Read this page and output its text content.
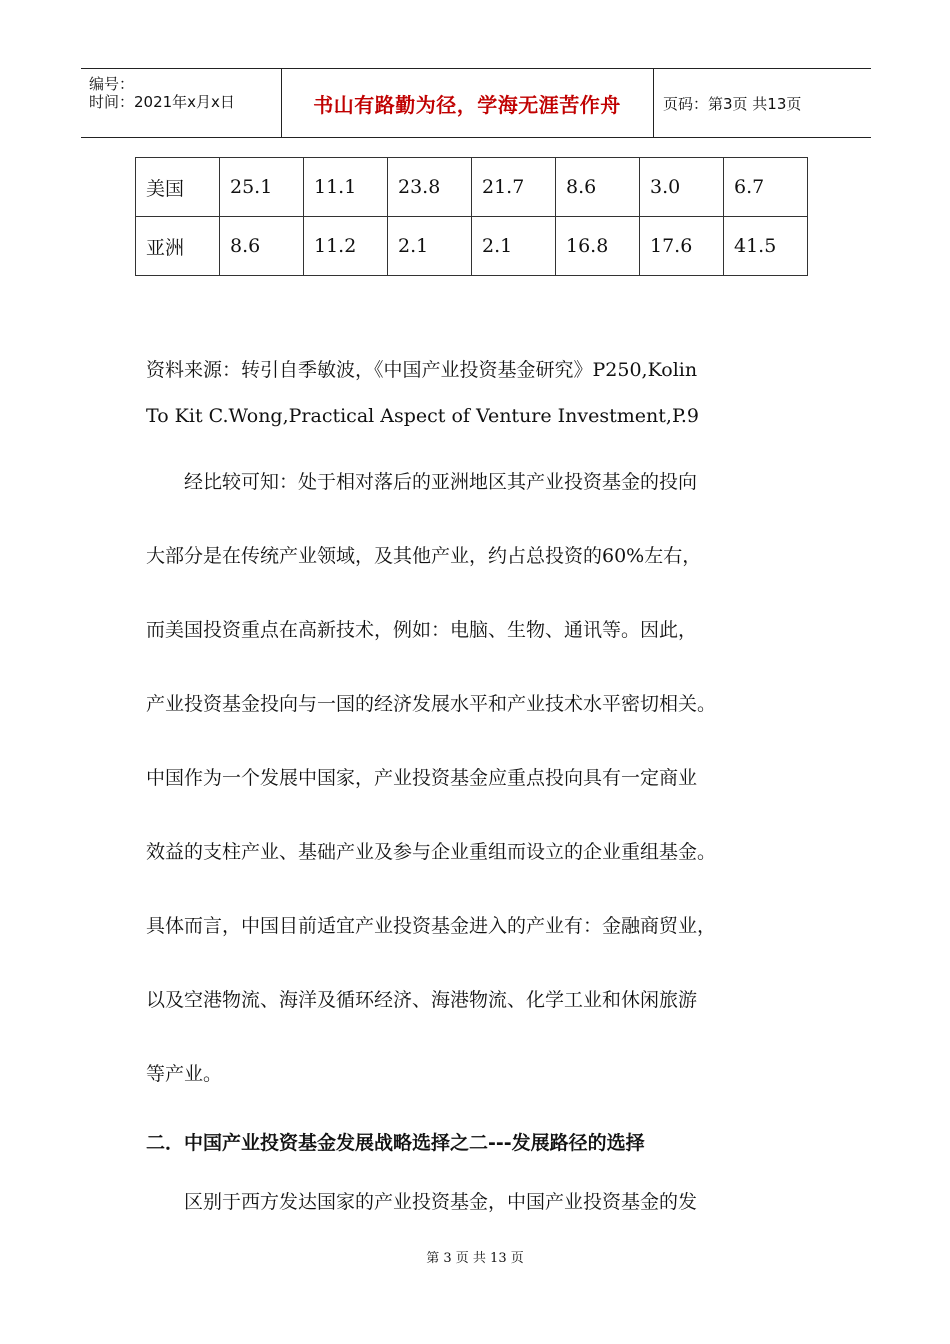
编号：
时间：2021年x月x日	书山有路勤为径，学海无涯苦作舟	页码：第3页 共13页
美国	25.1	11.1	23.8	21.7	8.6	3.0	6.7
亚洲	8.6	11.2	2.1	2.1	16.8	17.6	41.5
资料来源：转引自季敏波，《中国产业投资基金研究》P250,Kolin
To Kit C.Wong,Practical Aspect of Venture Investment,P.9
　　经比较可知：处于相对落后的亚洲地区其产业投资基金的投向
大部分是在传统产业领域，及其他产业，约占总投资的60%左右，
而美国投资重点在高新技术，例如：电脑、生物、通讯等。因此，
产业投资基金投向与一国的经济发展水平和产业技术水平密切相关。
中国作为一个发展中国家，产业投资基金应重点投向具有一定商业
效益的支柱产业、基础产业及参与企业重组而设立的企业重组基金。
具体而言，中国目前适宜产业投资基金进入的产业有：金融商贸业，
以及空港物流、海洋及循环经济、海港物流、化学工业和休闲旅游
等产业。
二．中国产业投资基金发展战略选择之二---发展路径的选择
　　区别于西方发达国家的产业投资基金，中国产业投资基金的发
第 3 页 共 13 页
